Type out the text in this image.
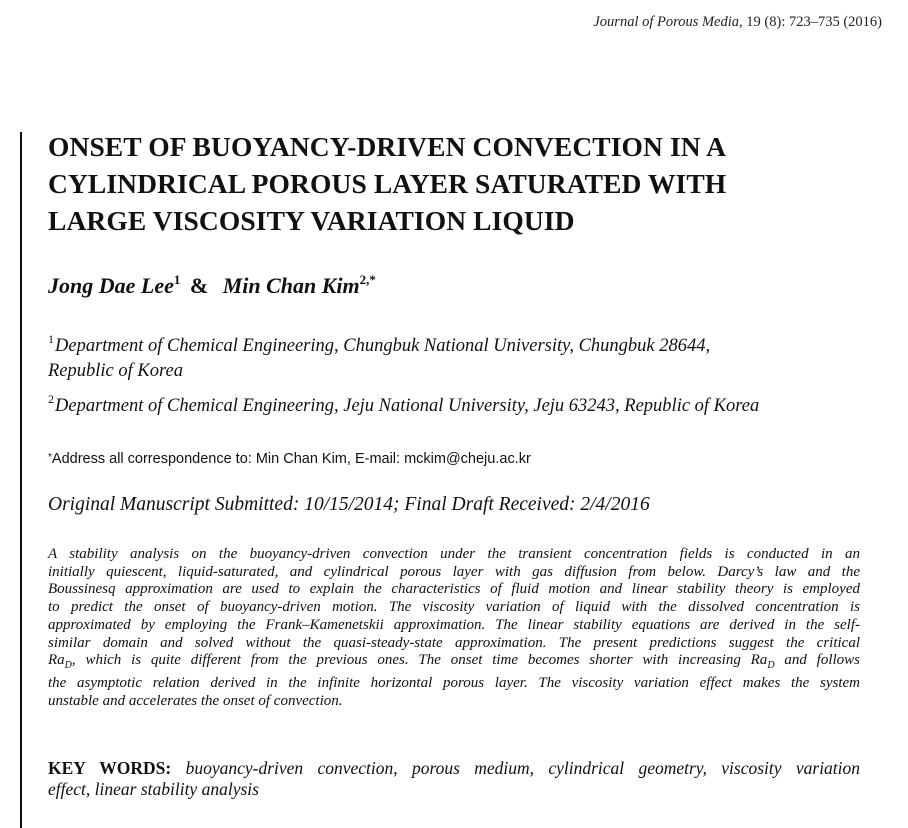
Journal of Porous Media, 19 (8): 723–735 (2016)
ONSET OF BUOYANCY-DRIVEN CONVECTION IN A
CYLINDRICAL POROUS LAYER SATURATED WITH
LARGE VISCOSITY VARIATION LIQUID
Jong Dae Lee$^1$ & Min Chan Kim$^{2,*}$
$^1$Department of Chemical Engineering, Chungbuk National University, Chungbuk 28644,
Republic of Korea
$^2$Department of Chemical Engineering, Jeju National University, Jeju 63243, Republic of Korea
*Address all correspondence to: Min Chan Kim, E-mail: mckim@cheju.ac.kr
Original Manuscript Submitted: 10/15/2014; Final Draft Received: 2/4/2016

A stability analysis on the buoyancy-driven convection under the transient concentration fields is conducted in an
initially quiescent, liquid-saturated, and cylindrical porous layer with gas diffusion from below. Darcy’s law and the
Boussinesq approximation are used to explain the characteristics of fluid motion and linear stability theory is employed
to predict the onset of buoyancy-driven motion. The viscosity variation of liquid with the dissolved concentration is
approximated by employing the Frank–Kamenetskii approximation. The linear stability equations are derived in the self-
similar domain and solved without the quasi-steady-state approximation. The present predictions suggest the critical
$Ra_D$, which is quite different from the previous ones. The onset time becomes shorter with increasing $Ra_D$ and follows
the asymptotic relation derived in the infinite horizontal porous layer. The viscosity variation effect makes the system
unstable and accelerates the onset of convection.

KEY WORDS: buoyancy-driven convection, porous medium, cylindrical geometry, viscosity variation
effect, linear stability analysis
